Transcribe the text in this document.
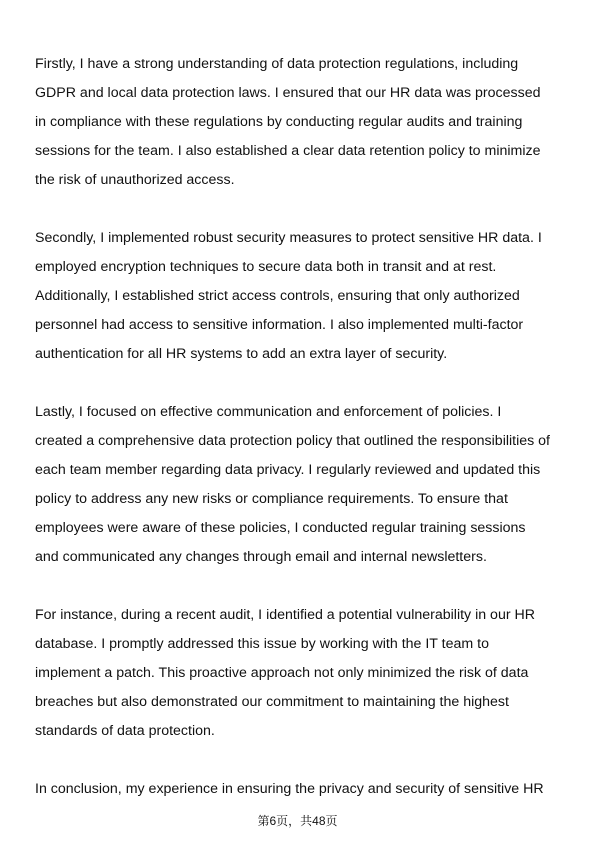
Firstly, I have a strong understanding of data protection regulations, including
GDPR and local data protection laws. I ensured that our HR data was processed
in compliance with these regulations by conducting regular audits and training
sessions for the team. I also established a clear data retention policy to minimize
the risk of unauthorized access.

Secondly, I implemented robust security measures to protect sensitive HR data. I
employed encryption techniques to secure data both in transit and at rest.
Additionally, I established strict access controls, ensuring that only authorized
personnel had access to sensitive information. I also implemented multi-factor
authentication for all HR systems to add an extra layer of security.

Lastly, I focused on effective communication and enforcement of policies. I
created a comprehensive data protection policy that outlined the responsibilities of
each team member regarding data privacy. I regularly reviewed and updated this
policy to address any new risks or compliance requirements. To ensure that
employees were aware of these policies, I conducted regular training sessions
and communicated any changes through email and internal newsletters.

For instance, during a recent audit, I identified a potential vulnerability in our HR
database. I promptly addressed this issue by working with the IT team to
implement a patch. This proactive approach not only minimized the risk of data
breaches but also demonstrated our commitment to maintaining the highest
standards of data protection.

In conclusion, my experience in ensuring the privacy and security of sensitive HR

第6页，共48页
